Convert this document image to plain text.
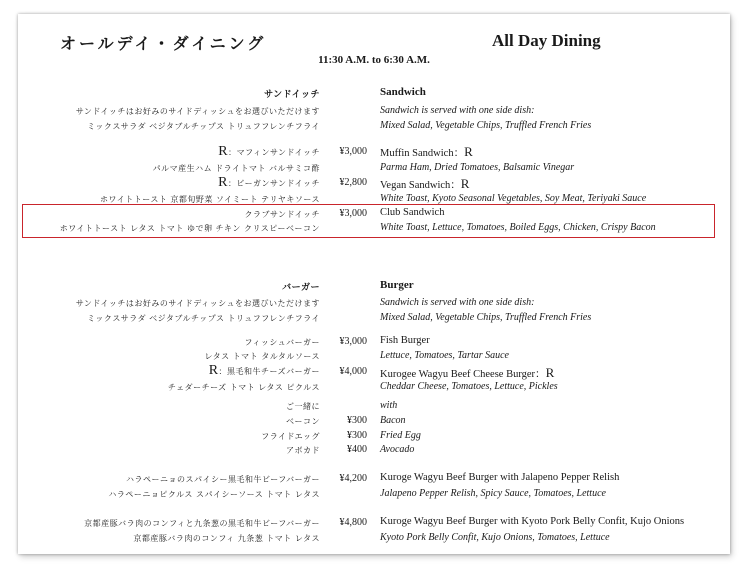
オールデイ・ダイニング	All Day Dining
11:30 A.M. to 6:30 A.M.
サンドイッチ	Sandwich
サンドイッチはお好みのサイドディッシュをお選びいただけます
ミックスサラダ ベジタブルチップス トリュフフレンチフライ
Sandwich is served with one side dish:
Mixed Salad, Vegetable Chips, Truffled French Fries
R：マフィンサンドイッチ ¥3,000 Muffin Sandwich：R
パルマ産生ハム ドライトマト バルサミコ酢	Parma Ham, Dried Tomatoes, Balsamic Vinegar
R：ビーガンサンドイッチ ¥2,800 Vegan Sandwich：R
ホワイトトースト 京都旬野菜 ソイミート テリヤキソース	White Toast, Kyoto Seasonal Vegetables, Soy Meat, Teriyaki Sauce
クラブサンドイッチ ¥3,000 Club Sandwich
ホワイトトースト レタス トマト ゆで卵 チキン クリスピーベーコン	White Toast, Lettuce, Tomatoes, Boiled Eggs, Chicken, Crispy Bacon
バーガー	Burger
サンドイッチはお好みのサイドディッシュをお選びいただけます
ミックスサラダ ベジタブルチップス トリュフフレンチフライ
Sandwich is served with one side dish:
Mixed Salad, Vegetable Chips, Truffled French Fries
フィッシュバーガー ¥3,000 Fish Burger
レタス トマト タルタルソース	Lettuce, Tomatoes, Tartar Sauce
R：黒毛和牛チーズバーガー ¥4,000 Kurogee Wagyu Beef Cheese Burger：R
チェダーチーズ トマト レタス ピクルス	Cheddar Cheese, Tomatoes, Lettuce, Pickles
ご一緒に	with
ベーコン	¥300 Bacon
フライドエッグ	¥300 Fried Egg
アボカド	¥400 Avocado
ハラペーニョのスパイシー黒毛和牛ビーフバーガー ¥4,200 Kuroge Wagyu Beef Burger with Jalapeno Pepper Relish
ハラペーニョピクルス スパイシーソース トマト レタス	Jalapeno Pepper Relish, Spicy Sauce, Tomatoes, Lettuce
京都産豚バラ肉のコンフィと九条葱の黒毛和牛ビーフバーガー ¥4,800 Kuroge Wagyu Beef Burger with Kyoto Pork Belly Confit, Kujo Onions
京都産豚バラ肉のコンフィ 九条葱 トマト レタス	Kyoto Pork Belly Confit, Kujo Onions, Tomatoes, Lettuce
